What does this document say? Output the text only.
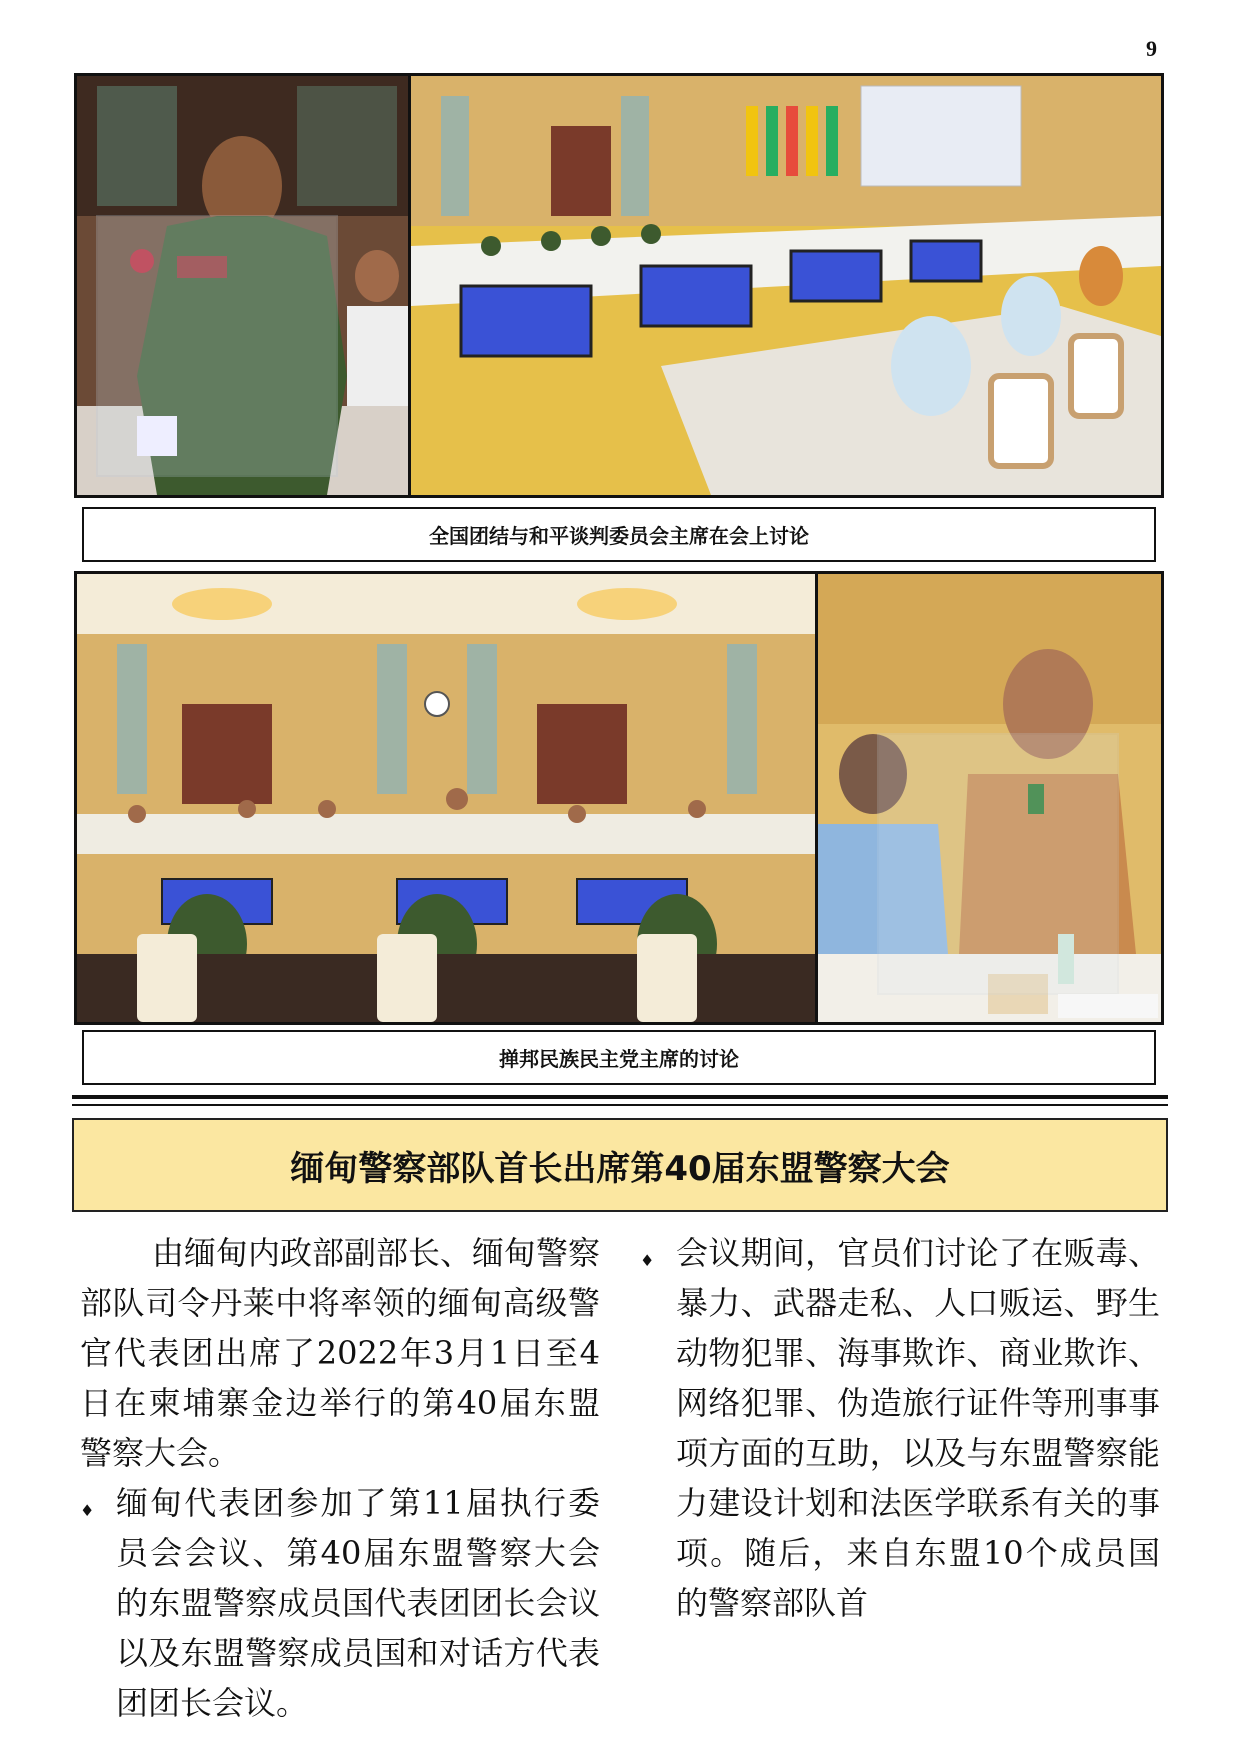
9
全国团结与和平谈判委员会主席在会上讨论
掸邦民族民主党主席的讨论
缅甸警察部队首长出席第40届东盟警察大会

由缅甸内政部副部长、缅甸警察部队司令丹莱中将率领的缅甸高级警官代表团出席了2022年3月1日至4日在柬埔寨金边举行的第40届东盟警察大会。

♦ 缅甸代表团参加了第11届执行委员会会议、第40届东盟警察大会的东盟警察成员国代表团团长会议以及东盟警察成员国和对话方代表团团长会议。
♦ 会议期间，官员们讨论了在贩毒、暴力、武器走私、人口贩运、野生动物犯罪、海事欺诈、商业欺诈、网络犯罪、伪造旅行证件等刑事事项方面的互助，以及与东盟警察能力建设计划和法医学联系有关的事项。随后，来自东盟10个成员国的警察部队首
